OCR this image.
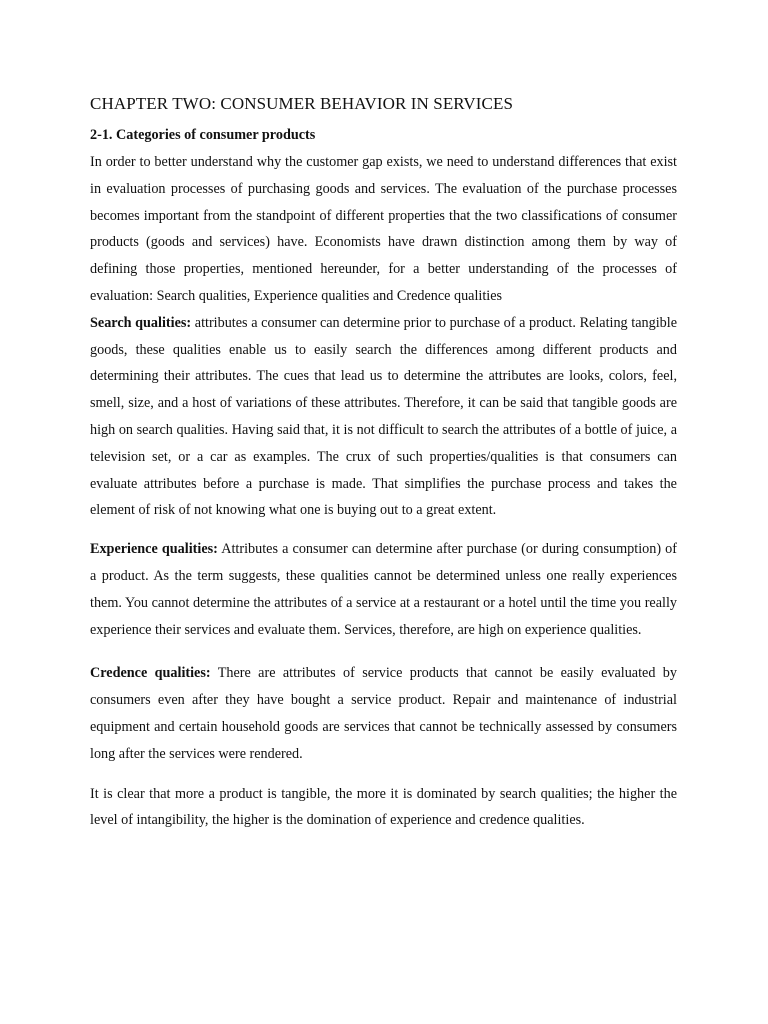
CHAPTER TWO: CONSUMER BEHAVIOR IN SERVICES
2-1. Categories of consumer products

In order to better understand why the customer gap exists, we need to understand differences that exist in evaluation processes of purchasing goods and services. The evaluation of the purchase processes becomes important from the standpoint of different properties that the two classifications of consumer products (goods and services) have. Economists have drawn distinction among them by way of defining those properties, mentioned hereunder, for a better understanding of the processes of evaluation: Search qualities, Experience qualities and Credence qualities

Search qualities: attributes a consumer can determine prior to purchase of a product. Relating tangible goods, these qualities enable us to easily search the differences among different products and determining their attributes. The cues that lead us to determine the attributes are looks, colors, feel, smell, size, and a host of variations of these attributes. Therefore, it can be said that tangible goods are high on search qualities. Having said that, it is not difficult to search the attributes of a bottle of juice, a television set, or a car as examples. The crux of such properties/qualities is that consumers can evaluate attributes before a purchase is made. That simplifies the purchase process and takes the element of risk of not knowing what one is buying out to a great extent.

Experience qualities: Attributes a consumer can determine after purchase (or during consumption) of a product. As the term suggests, these qualities cannot be determined unless one really experiences them. You cannot determine the attributes of a service at a restaurant or a hotel until the time you really experience their services and evaluate them. Services, therefore, are high on experience qualities.

Credence qualities: There are attributes of service products that cannot be easily evaluated by consumers even after they have bought a service product. Repair and maintenance of industrial equipment and certain household goods are services that cannot be technically assessed by consumers long after the services were rendered.

It is clear that more a product is tangible, the more it is dominated by search qualities; the higher the level of intangibility, the higher is the domination of experience and credence qualities.
